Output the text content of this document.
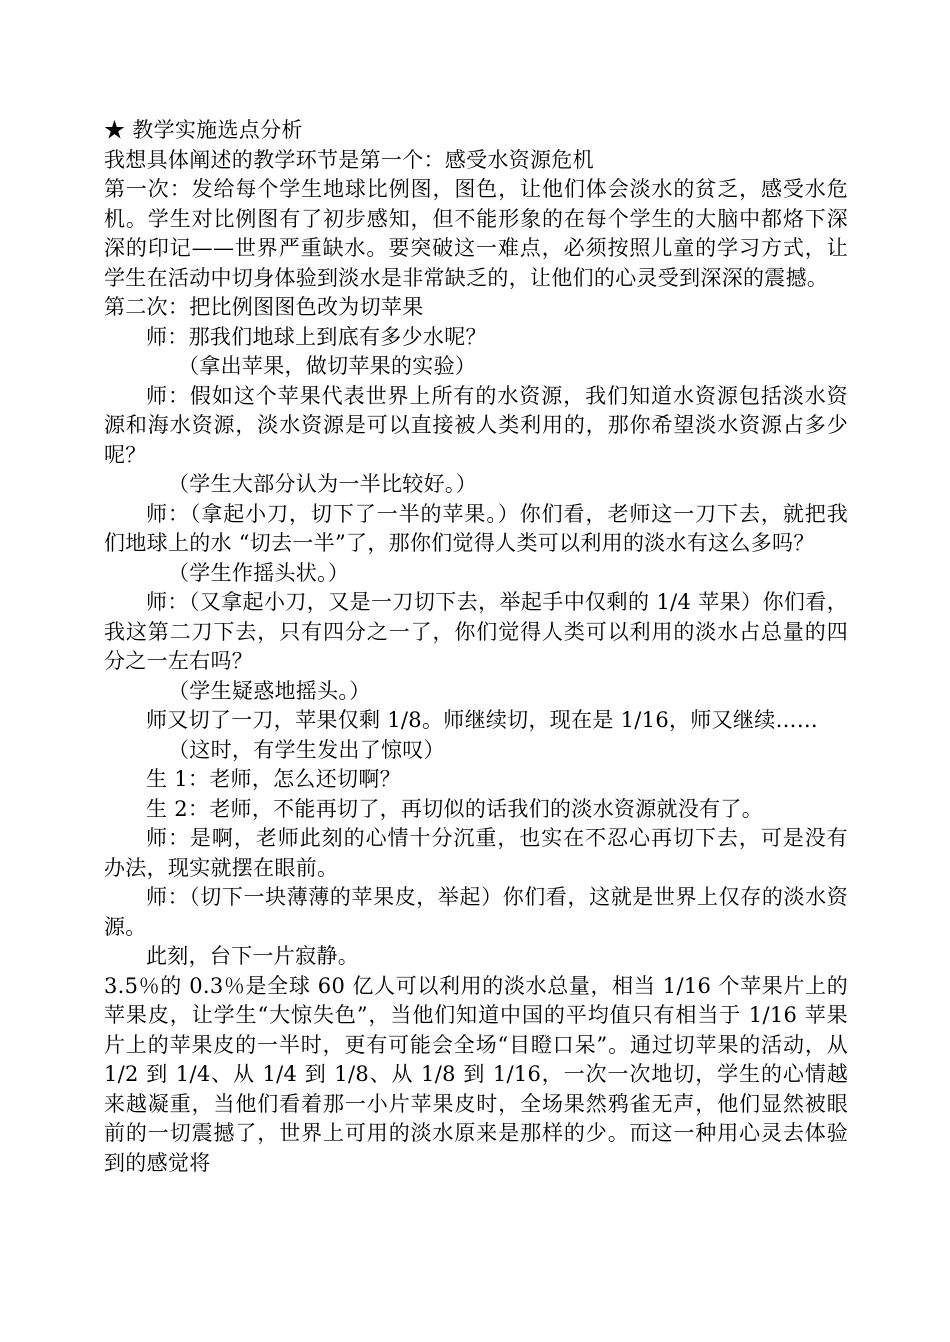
★ 教学实施选点分析

我想具体阐述的教学环节是第一个：感受水资源危机

第一次：发给每个学生地球比例图，图色，让他们体会淡水的贫乏，感受水危机。学生对比例图有了初步感知，但不能形象的在每个学生的大脑中都烙下深深的印记——世界严重缺水。要突破这一难点，必须按照儿童的学习方式，让学生在活动中切身体验到淡水是非常缺乏的，让他们的心灵受到深深的震撼。

第二次：把比例图图色改为切苹果

师：那我们地球上到底有多少水呢？

（拿出苹果，做切苹果的实验）

师：假如这个苹果代表世界上所有的水资源，我们知道水资源包括淡水资源和海水资源，淡水资源是可以直接被人类利用的，那你希望淡水资源占多少呢？

（学生大部分认为一半比较好。）

师：（拿起小刀，切下了一半的苹果。）你们看，老师这一刀下去，就把我们地球上的水 “切去一半”了，那你们觉得人类可以利用的淡水有这么多吗？

（学生作摇头状。）

师：（又拿起小刀，又是一刀切下去，举起手中仅剩的 1/4 苹果）你们看，我这第二刀下去，只有四分之一了，你们觉得人类可以利用的淡水占总量的四分之一左右吗？

（学生疑惑地摇头。）

师又切了一刀，苹果仅剩 1/8。师继续切，现在是 1/16，师又继续……

（这时，有学生发出了惊叹）

生 1：老师，怎么还切啊？

生 2：老师，不能再切了，再切似的话我们的淡水资源就没有了。

师：是啊，老师此刻的心情十分沉重，也实在不忍心再切下去，可是没有办法，现实就摆在眼前。

师：（切下一块薄薄的苹果皮，举起）你们看，这就是世界上仅存的淡水资源。

此刻，台下一片寂静。

3.5％的 0.3％是全球 60 亿人可以利用的淡水总量，相当 1/16 个苹果片上的苹果皮，让学生“大惊失色”，当他们知道中国的平均值只有相当于 1/16 苹果片上的苹果皮的一半时，更有可能会全场“目瞪口呆”。通过切苹果的活动，从 1/2 到 1/4、从 1/4 到 1/8、从 1/8 到 1/16，一次一次地切，学生的心情越来越凝重，当他们看着那一小片苹果皮时，全场果然鸦雀无声，他们显然被眼前的一切震撼了，世界上可用的淡水原来是那样的少。而这一种用心灵去体验到的感觉将
